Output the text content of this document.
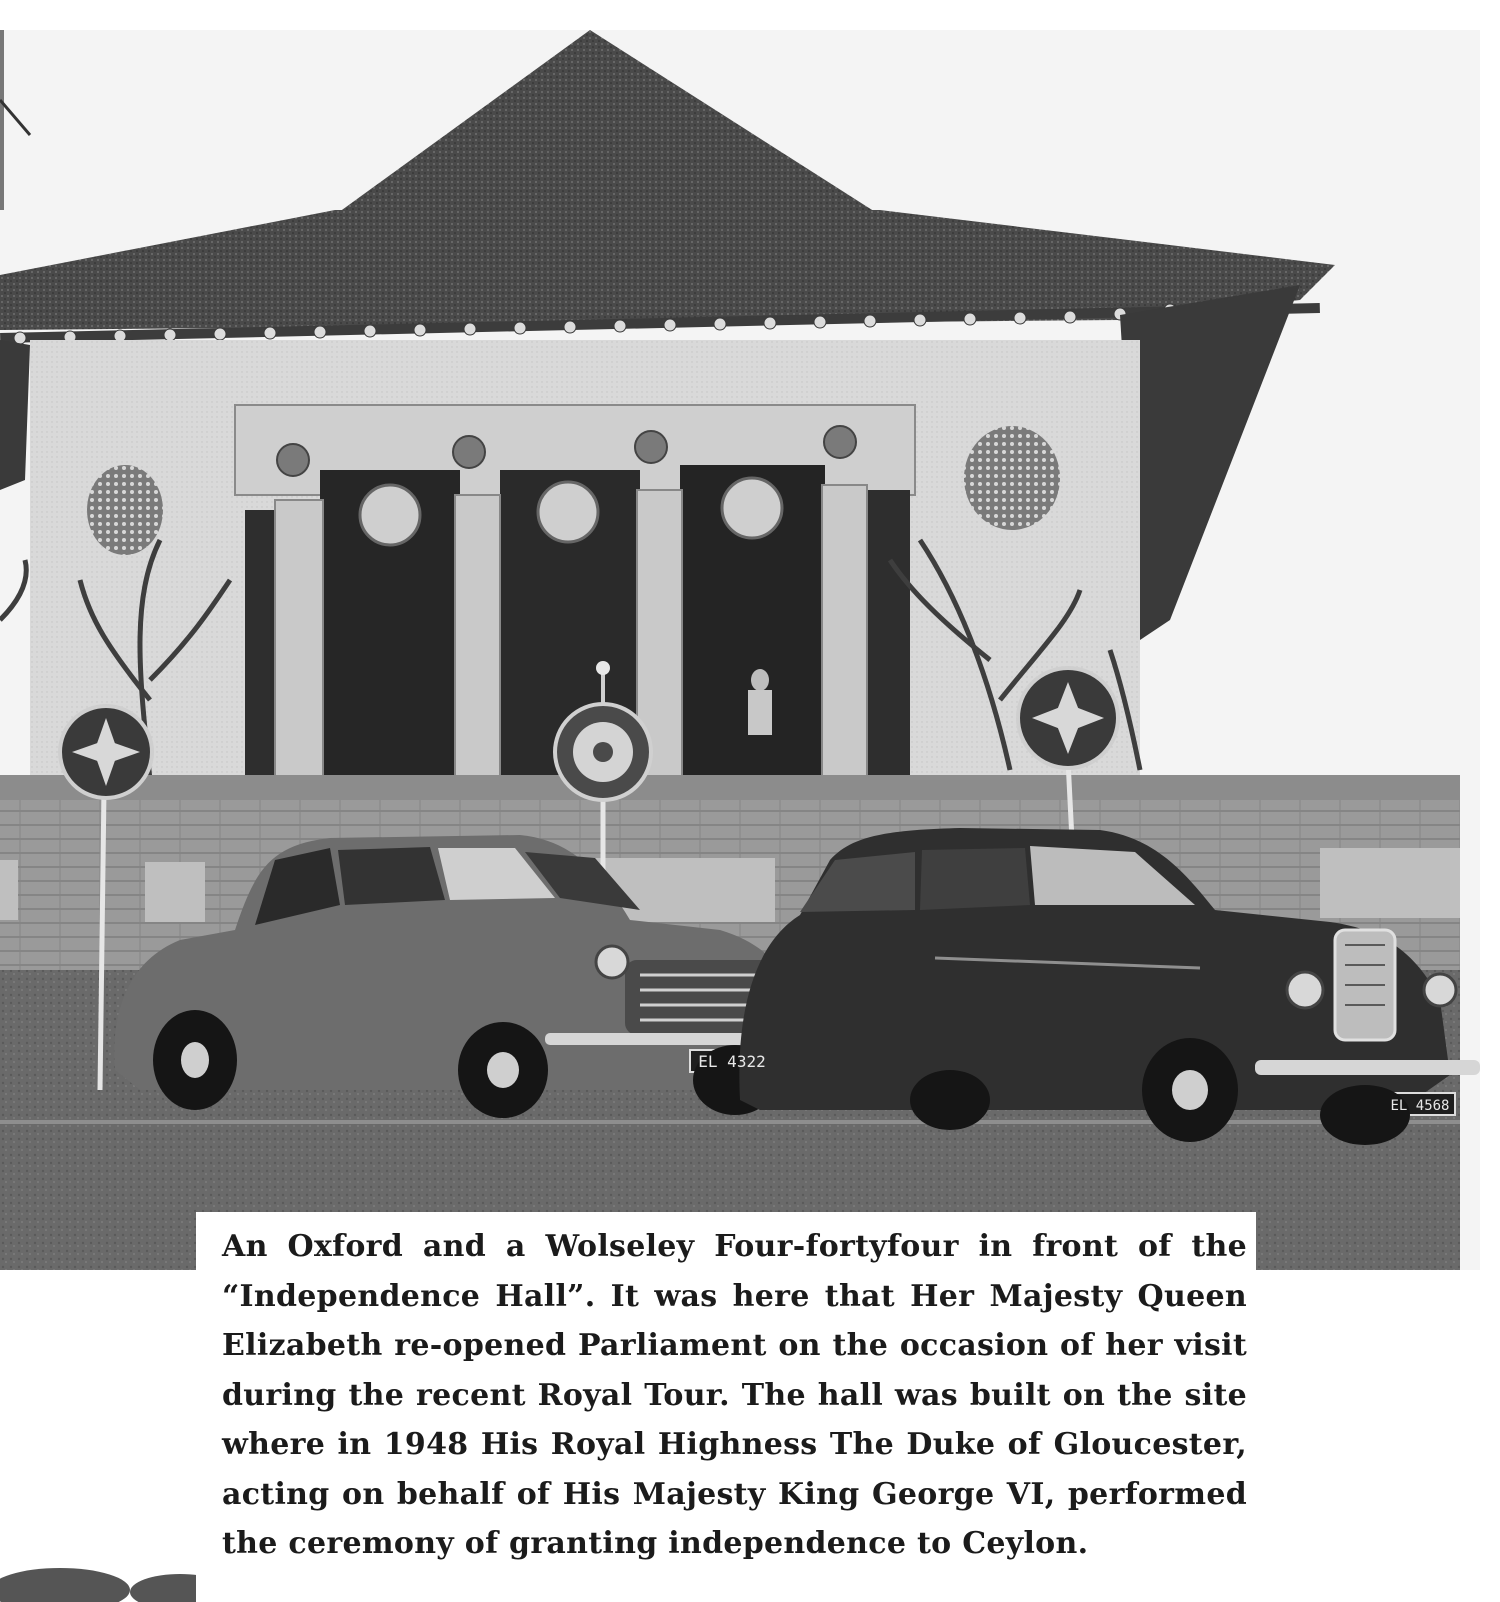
EL 4322
EL 4568

An Oxford and a Wolseley Four-fortyfour in front of the “Independence Hall”. It was here that Her Majesty Queen Elizabeth re-opened Parliament on the occasion of her visit during the recent Royal Tour. The hall was built on the site where in 1948 His Royal Highness The Duke of Gloucester, acting on behalf of His Majesty King George VI, performed the ceremony of granting independence to Ceylon.
